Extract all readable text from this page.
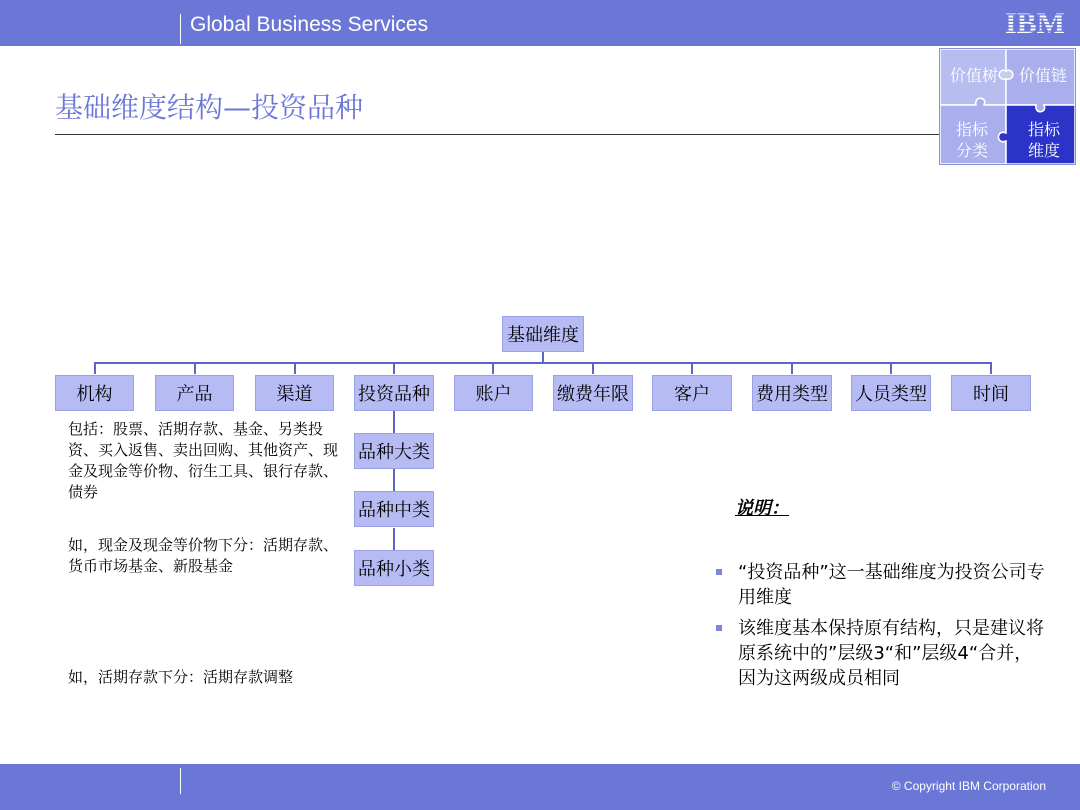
Global Business Services	IBM
基础维度结构—投资品种
价值树	价值链
指标
分类
指标
维度
基础维度
机构	产品	渠道	投资品种	账户	缴费年限	客户	费用类型 人员类型	时间
品种大类
品种中类
品种小类
包括：股票、活期存款、基金、另类投资、买入返售、卖出回购、其他资产、现金及现金等价物、衍生工具、银行存款、债券
如，现金及现金等价物下分：活期存款、货币市场基金、新股基金
如，活期存款下分：活期存款调整
说明：
“投资品种”这一基础维度为投资公司专用维度
该维度基本保持原有结构，只是建议将原系统中的”层级3“和”层级4“合并，因为这两级成员相同
© Copyright IBM Corporation
